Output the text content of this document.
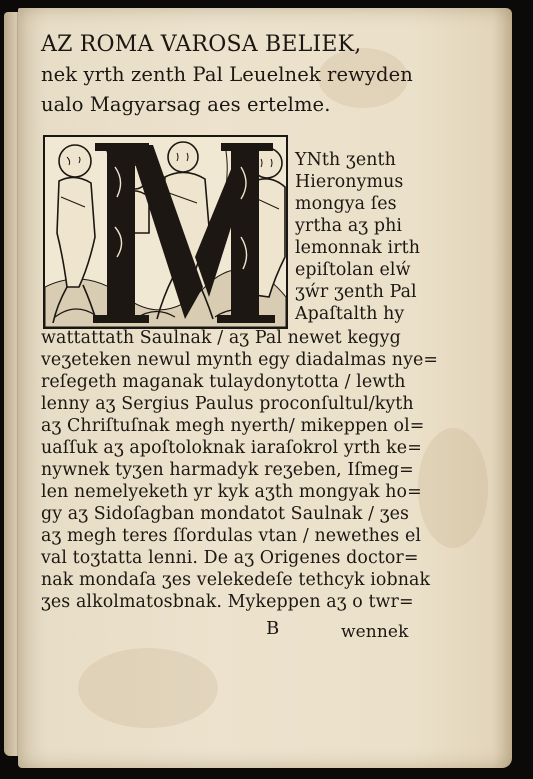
AZ ROMA VAROSA BELIEK,
nek yrth zenth Pal Leuelnek rewyden
ualo Magyarsag aes ertelme.
YNth ʒenth
Hieronymus
mongya ſes
yrtha aʒ phi
lemonnak irth
epiſtolan elẃ
ʒẃr ʒenth Pal
Apaſtalth hy
wattattath Saulnak / aʒ Pal newet kegyg
veʒeteken newul mynth egy diadalmas nye=
reſegeth maganak tulaydonytotta / lewth
lenny aʒ Sergius Paulus proconſultul/kyth
aʒ Chriſtuſnak megh nyerth/ mikeppen ol=
uaſſuk aʒ apoſtoloknak iaraſokrol yrth ke=
nywnek tyʒen harmadyk reʒeben, Iſmeg=
len nemelyeketh yr kyk aʒth mongyak ho=
gy aʒ Sidoſagban mondatot Saulnak / ʒes
aʒ megh teres ſſordulas vtan / newethes el
val toʒtatta lenni. De aʒ Origenes doctor=
nak mondaſa ʒes velekedeſe tethcyk iobnak
ʒes alkolmatosbnak. Mykeppen aʒ o twr=
B	wennek
